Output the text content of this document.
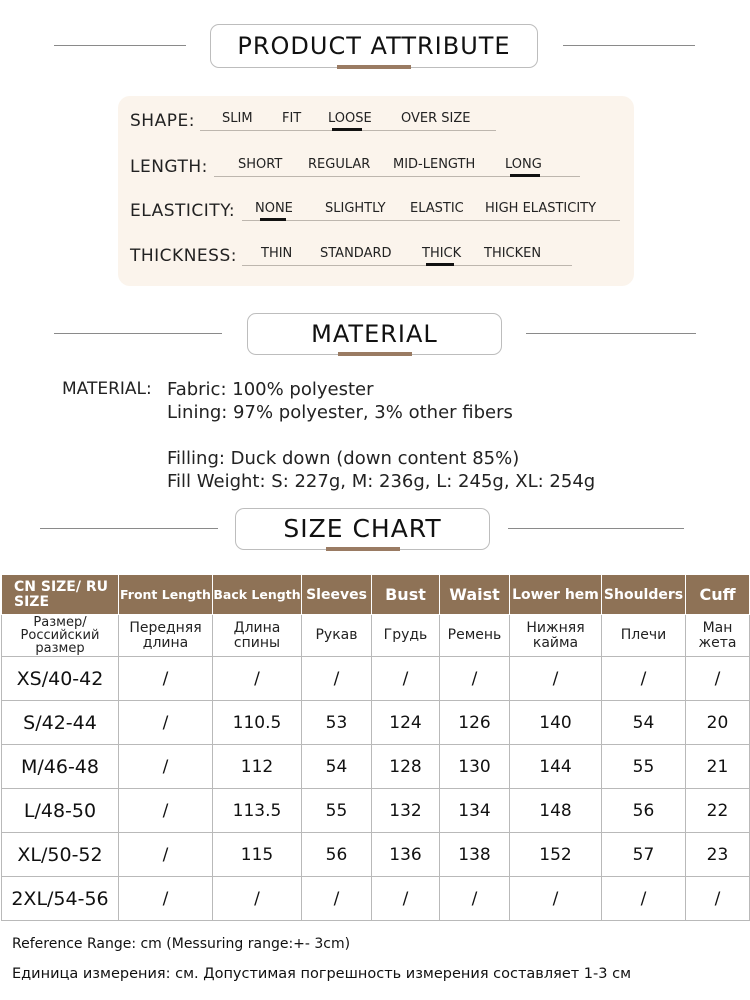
PRODUCT ATTRIBUTE
SHAPE: SLIM FIT LOOSE OVER SIZE
LENGTH: SHORT REGULAR MID-LENGTH LONG
ELASTICITY: NONE SLIGHTLY ELASTIC HIGH ELASTICITY
THICKNESS: THIN STANDARD THICK THICKEN
MATERIAL
MATERIAL: Fabric: 100% polyester
Lining: 97% polyester, 3% other fibers
Filling: Duck down (down content 85%)
Fill Weight: S: 227g, M: 236g, L: 245g, XL: 254g
SIZE CHART
CN SIZE/ RU SIZE	Front Length	Back Length	Sleeves	Bust	Waist	Lower hem	Shoulders	Cuff
Размер/ Российский размер	Передняя длина	Длина спины	Рукав	Грудь	Ремень	Нижняя кайма	Плечи	Ман жета
XS/40-42	/	/	/	/	/	/	/	/
S/42-44	/	110.5	53	124	126	140	54	20
M/46-48	/	112	54	128	130	144	55	21
L/48-50	/	113.5	55	132	134	148	56	22
XL/50-52	/	115	56	136	138	152	57	23
2XL/54-56	/	/	/	/	/	/	/	/
Reference Range: cm (Messuring range:+- 3cm)
Единица измерения: см. Допустимая погрешность измерения составляет 1-3 см
